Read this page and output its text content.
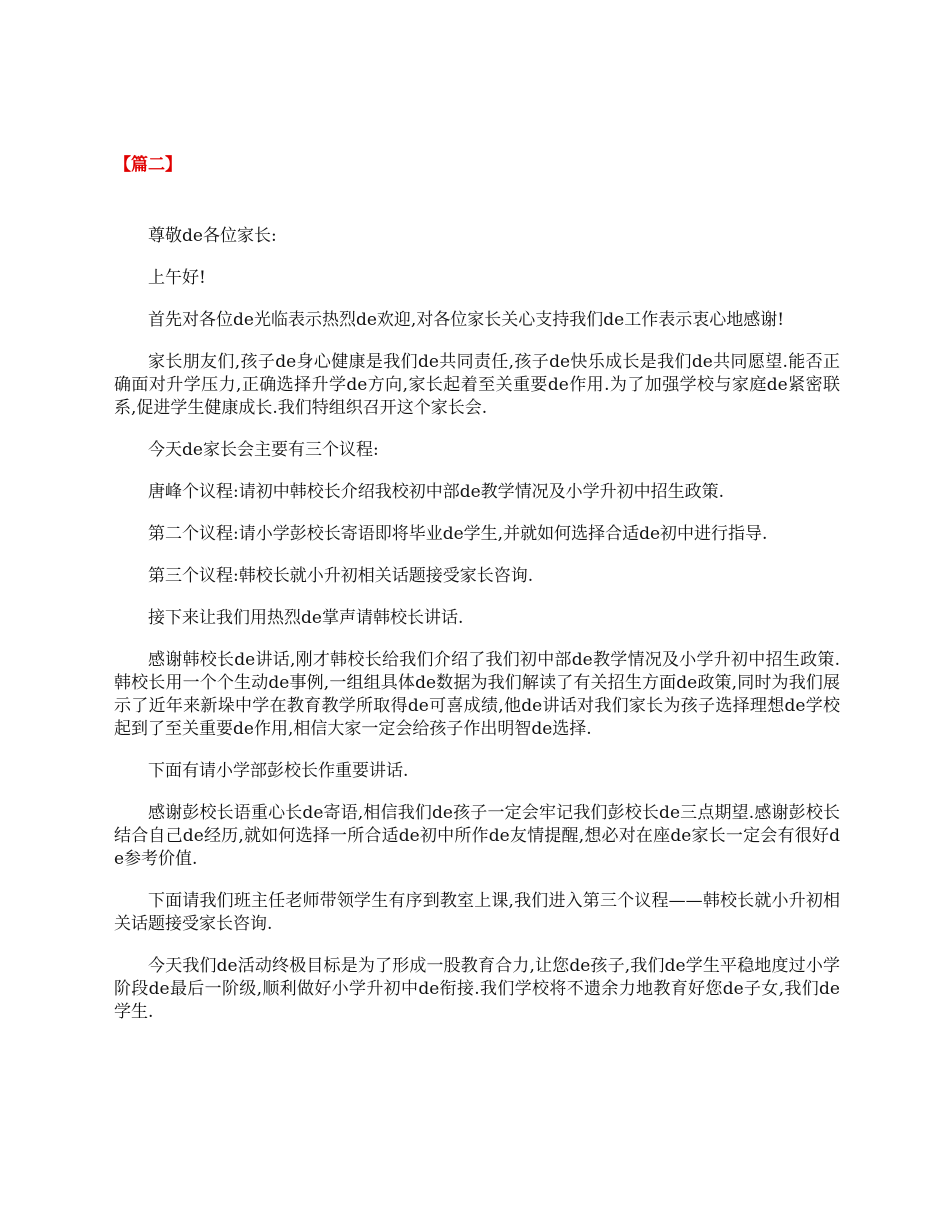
【篇二】

尊敬de各位家长:

上午好!

首先对各位de光临表示热烈de欢迎,对各位家长关心支持我们de工作表示衷心地感谢!

家长朋友们,孩子de身心健康是我们de共同责任,孩子de快乐成长是我们de共同愿望.能否正确面对升学压力,正确选择升学de方向,家长起着至关重要de作用.为了加强学校与家庭de紧密联系,促进学生健康成长.我们特组织召开这个家长会.

今天de家长会主要有三个议程:

唐峰个议程:请初中韩校长介绍我校初中部de教学情况及小学升初中招生政策.

第二个议程:请小学彭校长寄语即将毕业de学生,并就如何选择合适de初中进行指导.

第三个议程:韩校长就小升初相关话题接受家长咨询.

接下来让我们用热烈de掌声请韩校长讲话.

感谢韩校长de讲话,刚才韩校长给我们介绍了我们初中部de教学情况及小学升初中招生政策.韩校长用一个个生动de事例,一组组具体de数据为我们解读了有关招生方面de政策,同时为我们展示了近年来新垛中学在教育教学所取得de可喜成绩,他de讲话对我们家长为孩子选择理想de学校起到了至关重要de作用,相信大家一定会给孩子作出明智de选择.

下面有请小学部彭校长作重要讲话.

感谢彭校长语重心长de寄语,相信我们de孩子一定会牢记我们彭校长de三点期望.感谢彭校长结合自己de经历,就如何选择一所合适de初中所作de友情提醒,想必对在座de家长一定会有很好de参考价值.

下面请我们班主任老师带领学生有序到教室上课,我们进入第三个议程——韩校长就小升初相关话题接受家长咨询.

今天我们de活动终极目标是为了形成一股教育合力,让您de孩子,我们de学生平稳地度过小学阶段de最后一阶级,顺利做好小学升初中de衔接.我们学校将不遗余力地教育好您de子女,我们de学生.
